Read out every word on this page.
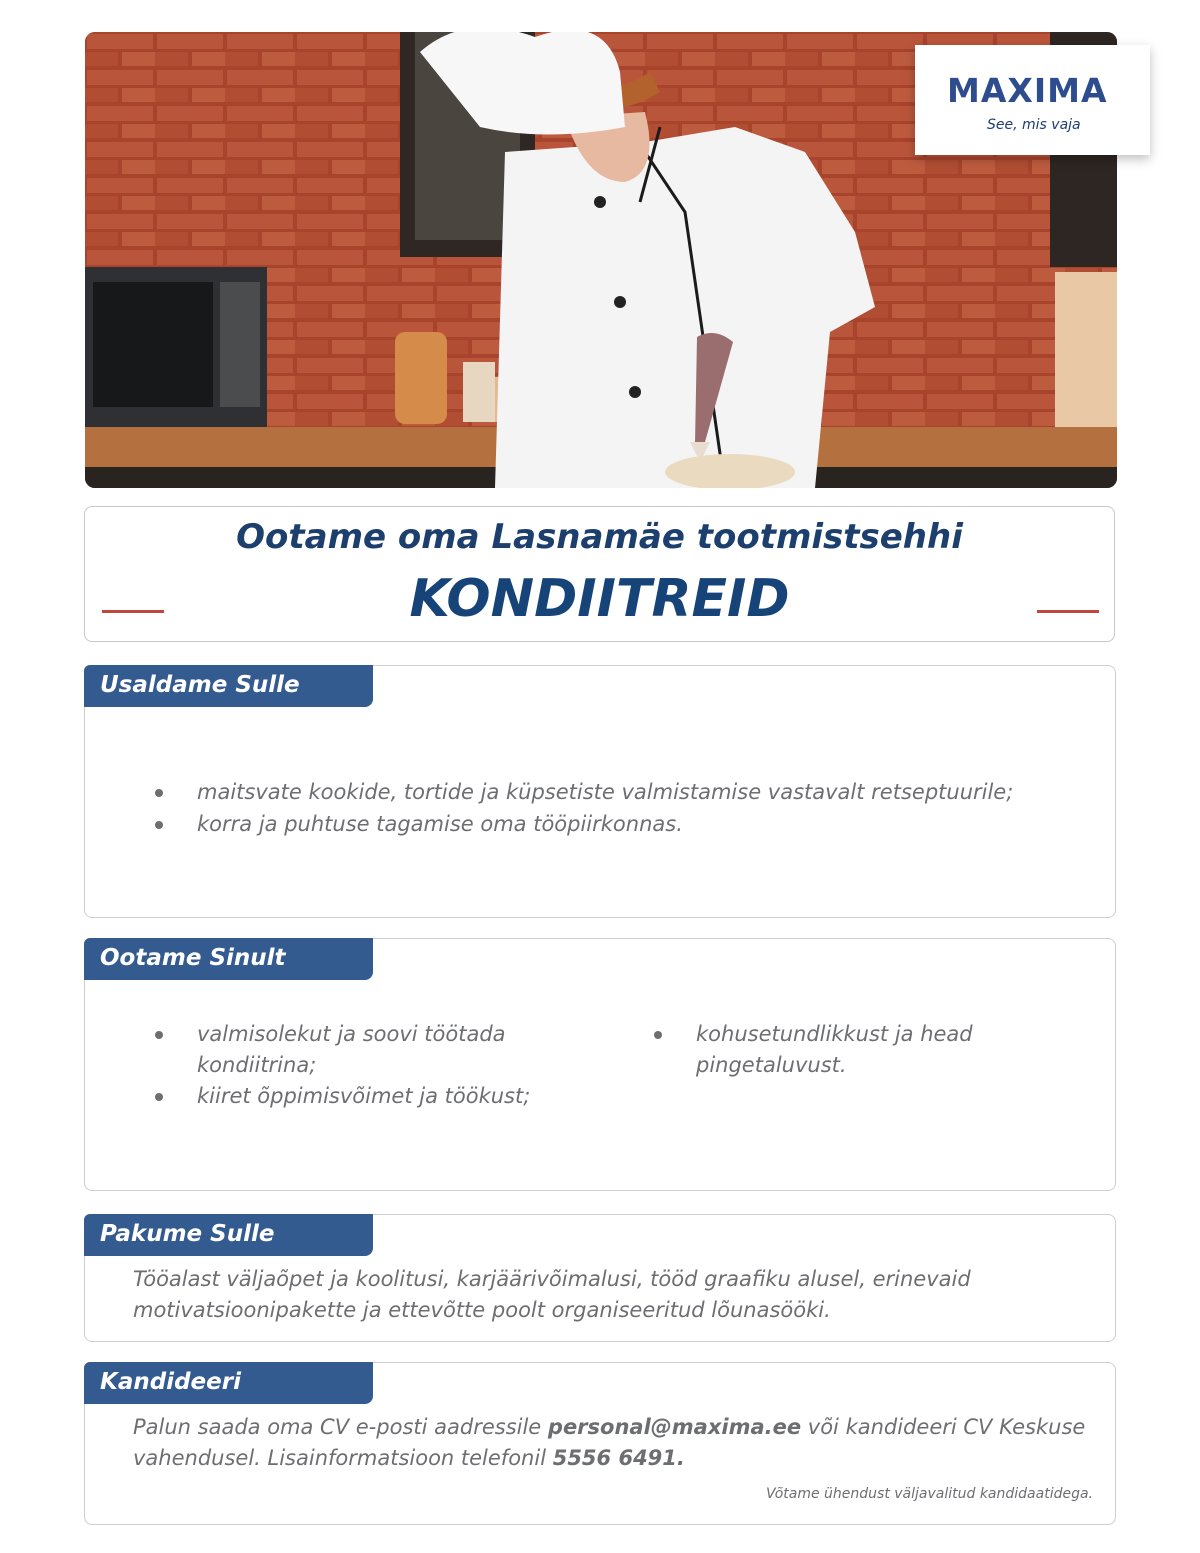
MAXIMA
See, mis vaja
Ootame oma Lasnamäe tootmistsehhi
KONDIITREID
Usaldame Sulle
maitsvate kookide, tortide ja küpsetiste valmistamise vastavalt retseptuurile;
korra ja puhtuse tagamise oma tööpiirkonnas.
Ootame Sinult
valmisolekut ja soovi töötada kondiitrina;
kiiret õppimisvõimet ja töökust;
kohusetundlikkust ja head pingetaluvust.
Pakume Sulle
Tööalast väljaõpet ja koolitusi, karjäärivõimalusi, tööd graafiku alusel, erinevaid
motivatsioonipakette ja ettevõtte poolt organiseeritud lõunasööki.
Kandideeri
Palun saada oma CV e-posti aadressile personal@maxima.ee või kandideeri CV Keskuse
vahendusel. Lisainformatsioon telefonil 5556 6491.
Võtame ühendust väljavalitud kandidaatidega.
